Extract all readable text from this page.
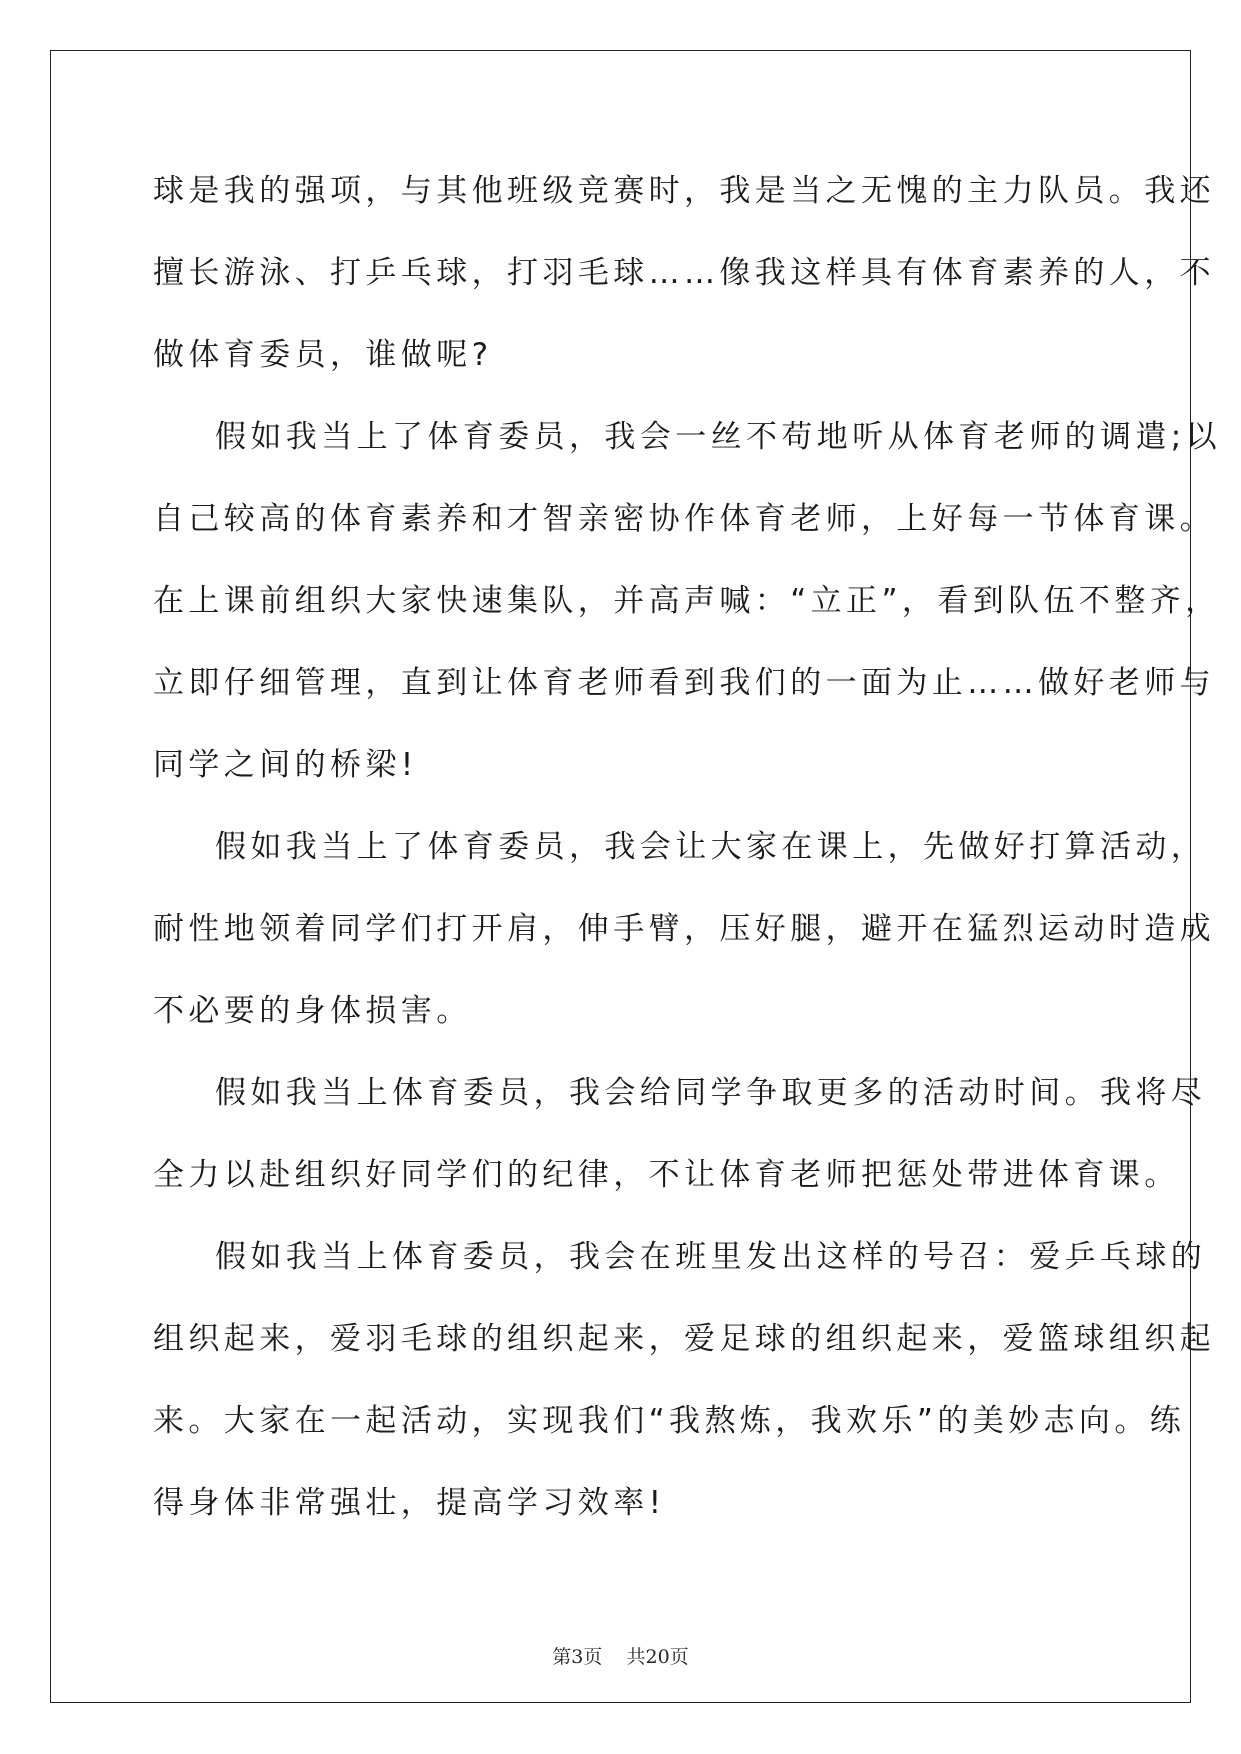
球是我的强项，与其他班级竞赛时，我是当之无愧的主力队员。我还
擅长游泳、打乒乓球，打羽毛球……像我这样具有体育素养的人，不
做体育委员，谁做呢?
假如我当上了体育委员，我会一丝不苟地听从体育老师的调遣;以
自己较高的体育素养和才智亲密协作体育老师，上好每一节体育课。
在上课前组织大家快速集队，并高声喊：“立正”，看到队伍不整齐，
立即仔细管理，直到让体育老师看到我们的一面为止……做好老师与
同学之间的桥梁!
假如我当上了体育委员，我会让大家在课上，先做好打算活动，
耐性地领着同学们打开肩，伸手臂，压好腿，避开在猛烈运动时造成
不必要的身体损害。
假如我当上体育委员，我会给同学争取更多的活动时间。我将尽
全力以赴组织好同学们的纪律，不让体育老师把惩处带进体育课。
假如我当上体育委员，我会在班里发出这样的号召：爱乒乓球的
组织起来，爱羽毛球的组织起来，爱足球的组织起来，爱篮球组织起
来。大家在一起活动，实现我们“我熬炼，我欢乐”的美妙志向。练
得身体非常强壮，提高学习效率!
第3页 共20页
